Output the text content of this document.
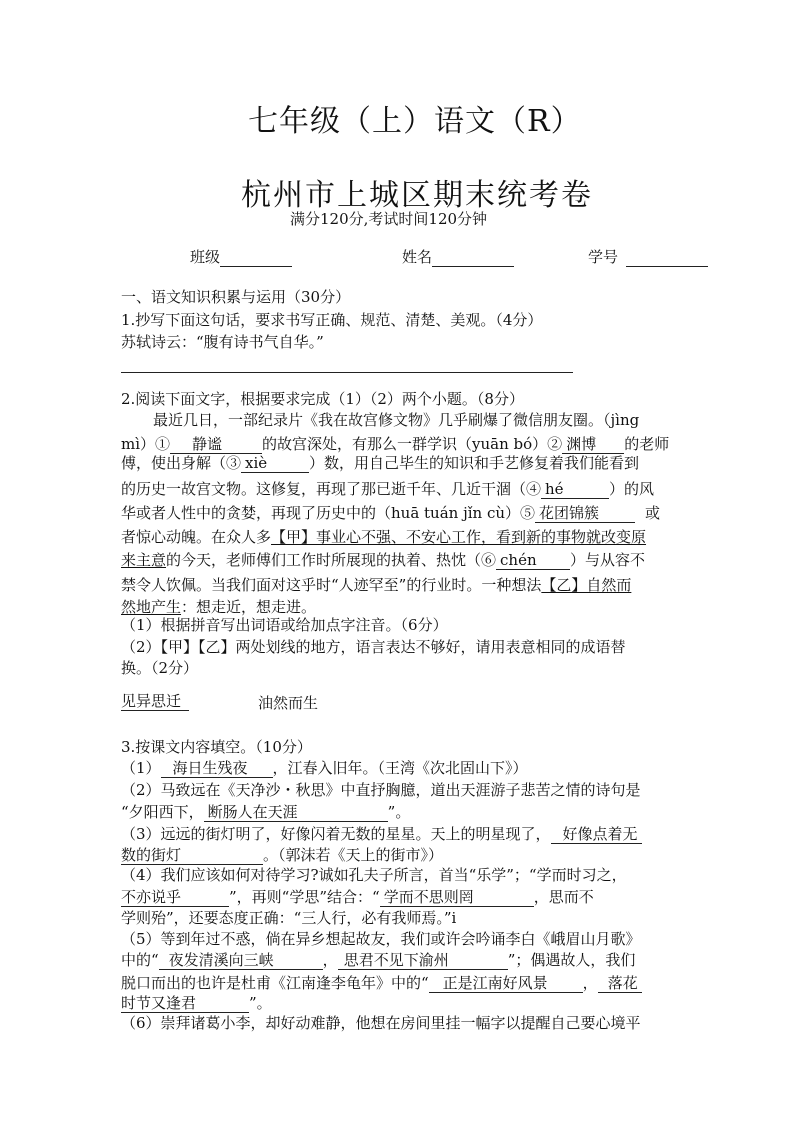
七年级（上）语文（R）
杭州市上城区期末统考卷
满分120分,考试时间120分钟
班级	姓名	学号
一、语文知识积累与运用（30分）
1.抄写下面这句话，要求书写正确、规范、清楚、美观。（4分）
苏轼诗云：“腹有诗书气自华。”
2.阅读下面文字，根据要求完成（1）（2）两个小题。（8分）
最近几日，一部纪录片《我在故宫修文物》几乎刷爆了微信朋友圈。（jìng
mì）① 静谧	的故宫深处，有那么一群学识（yuān bó）② 渊博 的老师
傅，使出身解（③ xiè	）数，用自己毕生的知识和手艺修复着我们能看到
的历史一故宫文物。这修复，再现了那已逝千年、几近干涸（④ hé	）的风
华或者人性中的贪婪，再现了历史中的（huā tuán jǐn cù）⑤ 花团锦簇	或
者惊心动魄。在众人多【甲】事业心不强、不安心工作，看到新的事物就改变原
来主意的今天，老师傅们工作时所展现的执着、热忱（⑥ chén ）与从容不
禁令人饮佩。当我们面对这乎时“人迹罕至”的行业时。一种想法【乙】自然而
然地产生：想走近，想走进。
（1）根据拼音写出词语或给加点字注音。（6分）
（2）【甲】【乙】两处划线的地方，语言表达不够好，请用表意相同的成语替
换。（2分）
见异思迁	油然而生
3.按课文内容填空。（10分）
（1） 海日生残夜 ，江春入旧年。（王湾《次北固山下》）
（2）马致远在《天净沙・秋思》中直抒胸臆，道出天涯游子悲苦之情的诗句是
“夕阳西下， 断肠人在天涯	”。
（3）远远的街灯明了，好像闪着无数的星星。天上的明星现了， 好像点着无
数的街灯	。（郭沫若《天上的街市》）
（4）我们应该如何对待学习?诚如孔夫子所言，首当“乐学”；“学而时习之，
不亦说乎	”，再则“学思”结合：“ 学而不思则罔	，思而不
学则殆”，还要态度正确：“三人行，必有我师焉。”i
（5）等到年过不惑，倘在异乡想起故友，我们或许会吟诵李白《峨眉山月歌》
中的“ 夜发清溪向三峡	， 思君不见下渝州	”；偶遇故人，我们
脱口而出的也许是杜甫《江南逢李龟年》中的“ 正是江南好风景 ， 落花
时节又逢君	”。
（6）崇拜诸葛小李，却好动难静，他想在房间里挂一幅字以提醒自己要心境平
